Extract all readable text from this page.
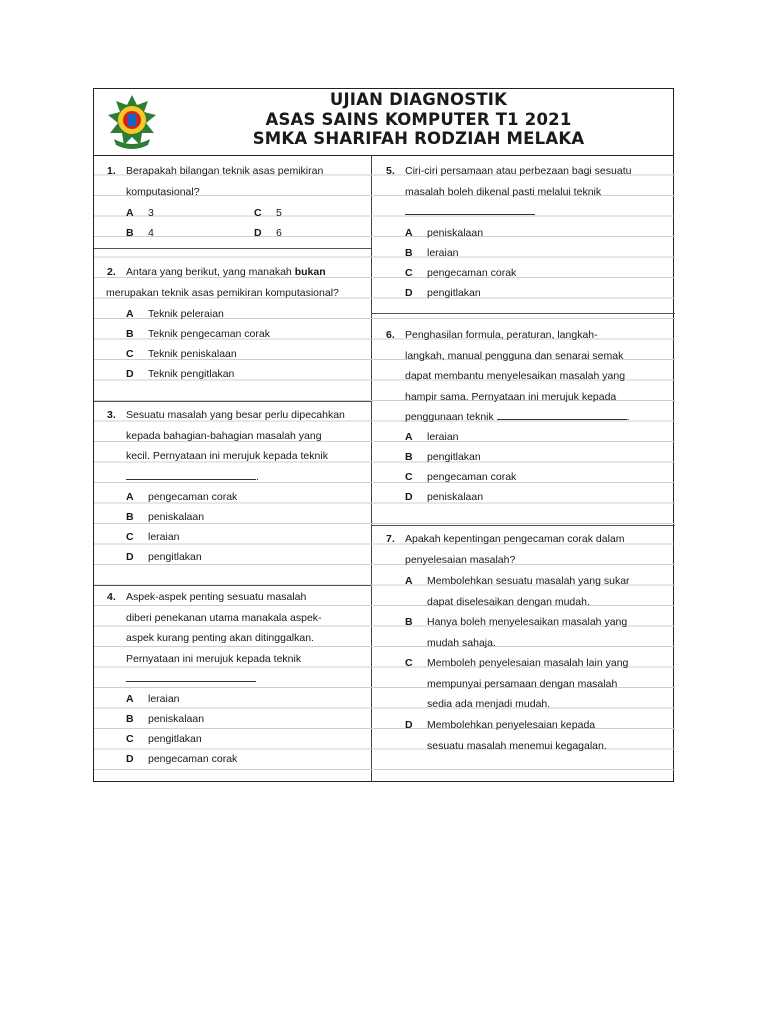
UJIAN DIAGNOSTIK
ASAS SAINS KOMPUTER T1 2021
SMKA SHARIFAH RODZIAH MELAKA
1. Berapakah bilangan teknik asas pemikiran
komputasional?
A 3	C 5
B 4	D 6
2. Antara yang berikut, yang manakah bukan
merupakan teknik asas pemikiran komputasional?
A Teknik peleraian
B Teknik pengecaman corak
C Teknik peniskalaan
D Teknik pengitlakan
3. Sesuatu masalah yang besar perlu dipecahkan
kepada bahagian-bahagian masalah yang
kecil. Pernyataan ini merujuk kepada teknik
.
A pengecaman corak
B peniskalaan
C leraian
D pengitlakan
4. Aspek-aspek penting sesuatu masalah
diberi penekanan utama manakala aspek-
aspek kurang penting akan ditinggalkan.
Pernyataan ini merujuk kepada teknik
A leraian
B peniskalaan
C pengitlakan
D pengecaman corak
5. Ciri-ciri persamaan atau perbezaan bagi sesuatu
masalah boleh dikenal pasti melalui teknik
A peniskalaan
B leraian
C pengecaman corak
D pengitlakan
6. Penghasilan formula, peraturan, langkah-
langkah, manual pengguna dan senarai semak
dapat membantu menyelesaikan masalah yang
hampir sama. Pernyataan ini merujuk kepada
penggunaan teknik	.
A leraian
B pengitlakan
C pengecaman corak
D peniskalaan
7. Apakah kepentingan pengecaman corak dalam
penyelesaian masalah?
A Membolehkan sesuatu masalah yang sukar
dapat diselesaikan dengan mudah.
B Hanya boleh menyelesaikan masalah yang
mudah sahaja.
C Memboleh penyelesaian masalah lain yang
mempunyai persamaan dengan masalah
sedia ada menjadi mudah.
D Membolehkan penyelesaian kepada
sesuatu masalah menemui kegagalan.
